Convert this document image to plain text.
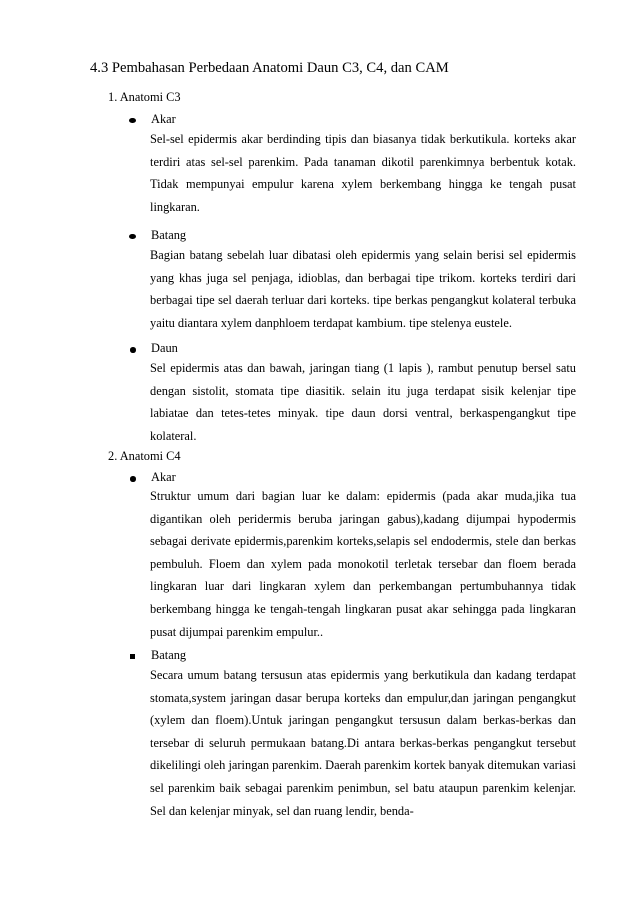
4.3 Pembahasan Perbedaan Anatomi Daun C3, C4, dan CAM
1. Anatomi C3
Akar
Sel-sel epidermis akar berdinding tipis dan biasanya tidak berkutikula. korteks akar terdiri atas sel-sel parenkim. Pada tanaman dikotil parenkimnya berbentuk kotak. Tidak mempunyai empulur karena xylem berkembang hingga ke tengah pusat lingkaran.
Batang
Bagian batang sebelah luar dibatasi oleh epidermis yang selain berisi sel epidermis yang khas juga sel penjaga, idioblas, dan berbagai tipe trikom. korteks terdiri dari berbagai tipe sel daerah terluar dari korteks. tipe berkas pengangkut kolateral terbuka yaitu diantara xylem danphloem terdapat kambium. tipe stelenya eustele.
Daun
Sel epidermis atas dan bawah, jaringan tiang (1 lapis ), rambut penutup bersel satu dengan sistolit, stomata tipe diasitik. selain itu juga terdapat sisik kelenjar tipe labiatae dan tetes-tetes minyak. tipe daun dorsi ventral, berkaspengangkut tipe kolateral.
2. Anatomi C4
Akar
Struktur umum dari bagian luar ke dalam: epidermis (pada akar muda,jika tua digantikan oleh peridermis beruba jaringan gabus),kadang dijumpai hypodermis sebagai derivate epidermis,parenkim korteks,selapis sel endodermis, stele dan berkas pembuluh. Floem dan xylem pada monokotil terletak tersebar dan floem berada lingkaran luar dari lingkaran xylem dan perkembangan pertumbuhannya tidak berkembang hingga ke tengah-tengah lingkaran pusat akar sehingga pada lingkaran pusat dijumpai parenkim empulur..
Batang
Secara umum batang tersusun atas epidermis yang berkutikula dan kadang terdapat stomata,system jaringan dasar berupa korteks dan empulur,dan jaringan pengangkut (xylem dan floem).Untuk jaringan pengangkut tersusun dalam berkas-berkas dan tersebar di seluruh permukaan batang.Di antara berkas-berkas pengangkut tersebut dikelilingi oleh jaringan parenkim. Daerah parenkim kortek banyak ditemukan variasi sel parenkim baik sebagai parenkim penimbun, sel batu ataupun parenkim kelenjar. Sel dan kelenjar minyak, sel dan ruang lendir, benda-
